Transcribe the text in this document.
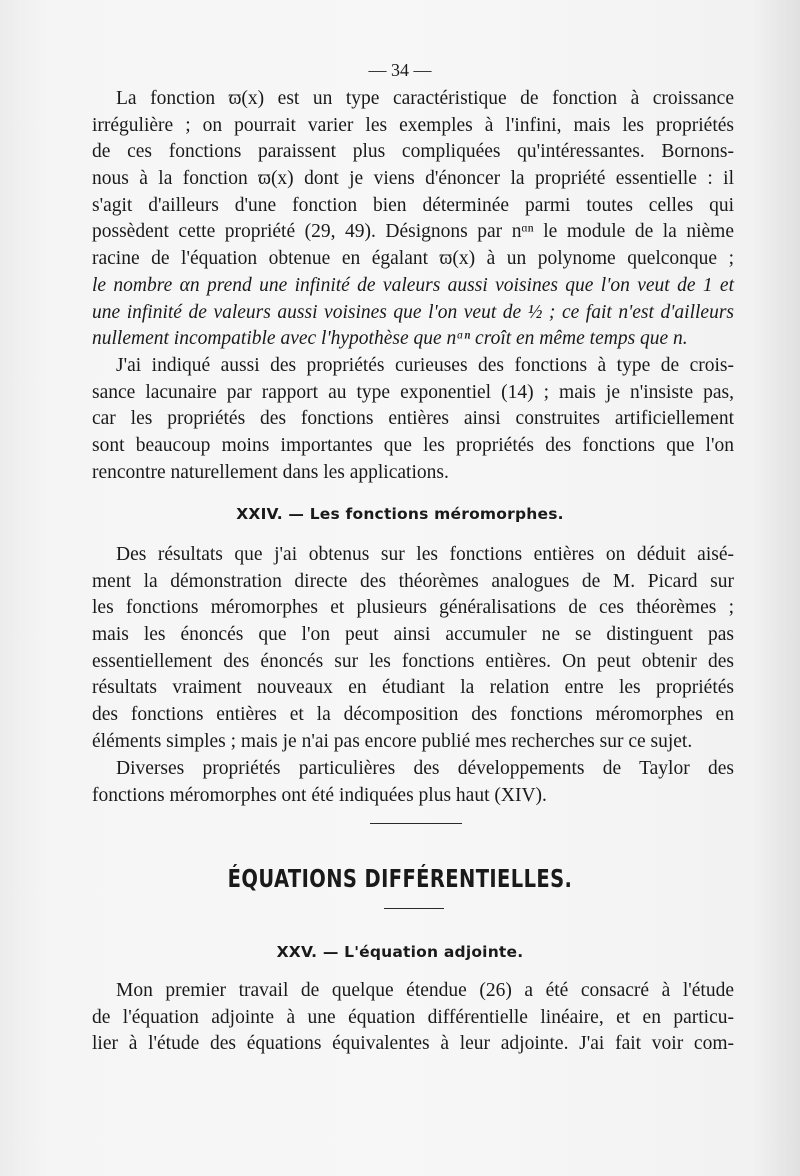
— 34 —
La fonction ϖ(x) est un type caractéristique de fonction à croissance
irrégulière ; on pourrait varier les exemples à l'infini, mais les propriétés
de ces fonctions paraissent plus compliquées qu'intéressantes. Bornons-
nous à la fonction ϖ(x) dont je viens d'énoncer la propriété essentielle : il
s'agit d'ailleurs d'une fonction bien déterminée parmi toutes celles qui
possèdent cette propriété (29, 49). Désignons par nᵅⁿ le module de la nième
racine de l'équation obtenue en égalant ϖ(x) à un polynome quelconque ;
le nombre αn prend une infinité de valeurs aussi voisines que l'on veut de 1 et
une infinité de valeurs aussi voisines que l'on veut de ½ ; ce fait n'est d'ailleurs
nullement incompatible avec l'hypothèse que nᵅⁿ croît en même temps que n.
J'ai indiqué aussi des propriétés curieuses des fonctions à type de crois-
sance lacunaire par rapport au type exponentiel (14) ; mais je n'insiste pas,
car les propriétés des fonctions entières ainsi construites artificiellement
sont beaucoup moins importantes que les propriétés des fonctions que l'on
rencontre naturellement dans les applications.
XXIV. — Les fonctions méromorphes.
Des résultats que j'ai obtenus sur les fonctions entières on déduit aisé-
ment la démonstration directe des théorèmes analogues de M. Picard sur
les fonctions méromorphes et plusieurs généralisations de ces théorèmes ;
mais les énoncés que l'on peut ainsi accumuler ne se distinguent pas
essentiellement des énoncés sur les fonctions entières. On peut obtenir des
résultats vraiment nouveaux en étudiant la relation entre les propriétés
des fonctions entières et la décomposition des fonctions méromorphes en
éléments simples ; mais je n'ai pas encore publié mes recherches sur ce sujet.
Diverses propriétés particulières des développements de Taylor des
fonctions méromorphes ont été indiquées plus haut (XIV).
ÉQUATIONS DIFFÉRENTIELLES.
XXV. — L'équation adjointe.
Mon premier travail de quelque étendue (26) a été consacré à l'étude
de l'équation adjointe à une équation différentielle linéaire, et en particu-
lier à l'étude des équations équivalentes à leur adjointe. J'ai fait voir com-
